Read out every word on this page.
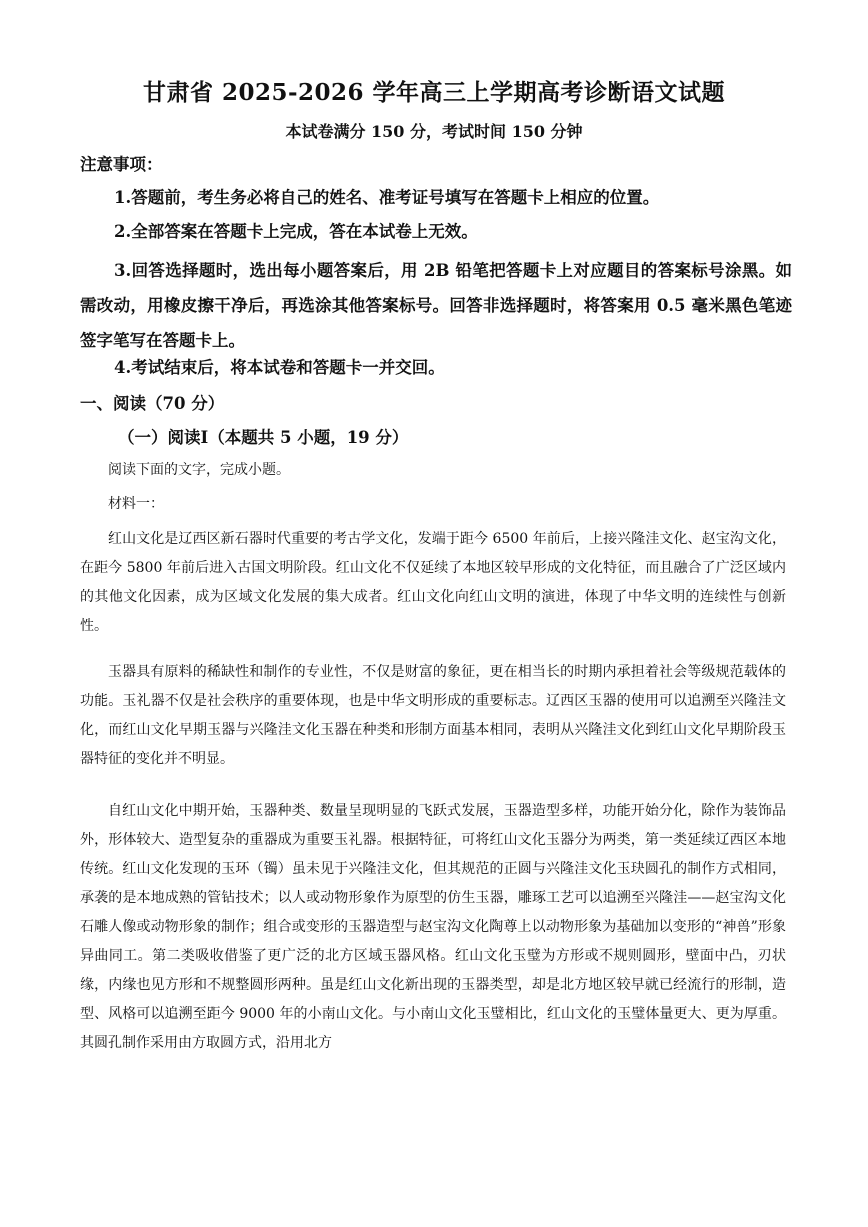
甘肃省 2025-2026 学年高三上学期高考诊断语文试题
本试卷满分 150 分，考试时间 150 分钟
注意事项：
1.答题前，考生务必将自己的姓名、准考证号填写在答题卡上相应的位置。
2.全部答案在答题卡上完成，答在本试卷上无效。
3.回答选择题时，选出每小题答案后，用 2B 铅笔把答题卡上对应题目的答案标号涂黑。如需改动，用橡皮擦干净后，再选涂其他答案标号。回答非选择题时，将答案用 0.5 毫米黑色笔迹签字笔写在答题卡上。
4.考试结束后，将本试卷和答题卡一并交回。
一、阅读（70 分）
（一）阅读Ⅰ（本题共 5 小题，19 分）
阅读下面的文字，完成小题。
材料一：
红山文化是辽西区新石器时代重要的考古学文化，发端于距今 6500 年前后，上接兴隆洼文化、赵宝沟文化，在距今 5800 年前后进入古国文明阶段。红山文化不仅延续了本地区较早形成的文化特征，而且融合了广泛区域内的其他文化因素，成为区域文化发展的集大成者。红山文化向红山文明的演进，体现了中华文明的连续性与创新性。
玉器具有原料的稀缺性和制作的专业性，不仅是财富的象征，更在相当长的时期内承担着社会等级规范载体的功能。玉礼器不仅是社会秩序的重要体现，也是中华文明形成的重要标志。辽西区玉器的使用可以追溯至兴隆洼文化，而红山文化早期玉器与兴隆洼文化玉器在种类和形制方面基本相同，表明从兴隆洼文化到红山文化早期阶段玉器特征的变化并不明显。
自红山文化中期开始，玉器种类、数量呈现明显的飞跃式发展，玉器造型多样，功能开始分化，除作为装饰品外，形体较大、造型复杂的重器成为重要玉礼器。根据特征，可将红山文化玉器分为两类，第一类延续辽西区本地传统。红山文化发现的玉环（镯）虽未见于兴隆洼文化，但其规范的正圆与兴隆洼文化玉玦圆孔的制作方式相同，承袭的是本地成熟的管钻技术；以人或动物形象作为原型的仿生玉器，雕琢工艺可以追溯至兴隆洼——赵宝沟文化石雕人像或动物形象的制作；组合或变形的玉器造型与赵宝沟文化陶尊上以动物形象为基础加以变形的“神兽”形象异曲同工。第二类吸收借鉴了更广泛的北方区域玉器风格。红山文化玉璧为方形或不规则圆形，壁面中凸，刃状缘，内缘也见方形和不规整圆形两种。虽是红山文化新出现的玉器类型，却是北方地区较早就已经流行的形制，造型、风格可以追溯至距今 9000 年的小南山文化。与小南山文化玉璧相比，红山文化的玉璧体量更大、更为厚重。其圆孔制作采用由方取圆方式，沿用北方
